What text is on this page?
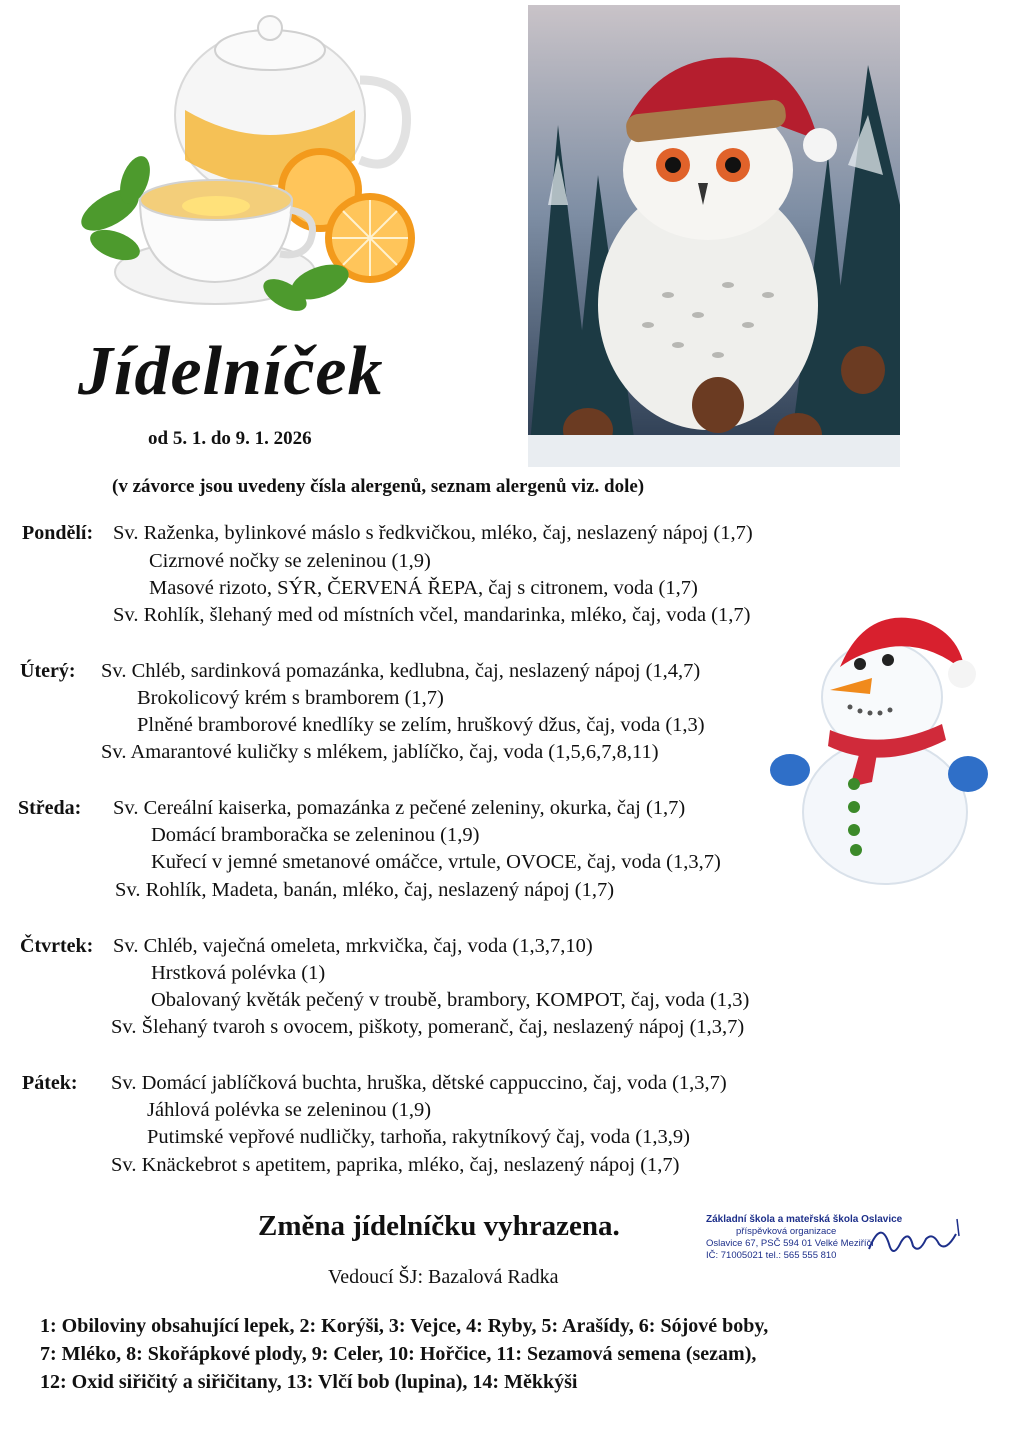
Jídelníček
od 5. 1. do 9. 1. 2026
(v závorce jsou uvedeny čísla alergenů, seznam alergenů viz. dole)
Pondělí: Sv. Raženka, bylinkové máslo s ředkvičkou, mléko, čaj, neslazený nápoj (1,7)
Cizrnové nočky se zeleninou (1,9)
Masové rizoto, SÝR, ČERVENÁ ŘEPA, čaj s citronem, voda (1,7)
Sv. Rohlík, šlehaný med od místních včel, mandarinka, mléko, čaj, voda (1,7)
Úterý: Sv. Chléb, sardinková pomazánka, kedlubna, čaj, neslazený nápoj (1,4,7)
Brokolicový krém s bramborem (1,7)
Plněné bramborové knedlíky se zelím, hruškový džus, čaj, voda (1,3)
Sv. Amarantové kuličky s mlékem, jablíčko, čaj, voda (1,5,6,7,8,11)
Středa: Sv. Cereální kaiserka, pomazánka z pečené zeleniny, okurka, čaj (1,7)
Domácí bramboračka se zeleninou (1,9)
Kuřecí v jemné smetanové omáčce, vrtule, OVOCE, čaj, voda (1,3,7)
Sv. Rohlík, Madeta, banán, mléko, čaj, neslazený nápoj (1,7)
Čtvrtek: Sv. Chléb, vaječná omeleta, mrkvička, čaj, voda (1,3,7,10)
Hrstková polévka (1)
Obalovaný květák pečený v troubě, brambory, KOMPOT, čaj, voda (1,3)
Sv. Šlehaný tvaroh s ovocem, piškoty, pomeranč, čaj, neslazený nápoj (1,3,7)
Pátek: Sv. Domácí jablíčková buchta, hruška, dětské cappuccino, čaj, voda (1,3,7)
Jáhlová polévka se zeleninou (1,9)
Putimské vepřové nudličky, tarhoňa, rakytníkový čaj, voda (1,3,9)
Sv. Knäckebrot s apetitem, paprika, mléko, čaj, neslazený nápoj (1,7)
Změna jídelníčku vyhrazena.	Základní škola a mateřská škola Oslavice
příspěvková organizace
Oslavice 67, PSČ 594 01 Velké Meziříčí
IČ: 71005021 tel.: 565 555 810
Vedoucí ŠJ: Bazalová Radka
1: Obiloviny obsahující lepek, 2: Korýši, 3: Vejce, 4: Ryby, 5: Arašídy, 6: Sójové boby,
7: Mléko, 8: Skořápkové plody, 9: Celer, 10: Hořčice, 11: Sezamová semena (sezam),
12: Oxid siřičitý a siřičitany, 13: Vlčí bob (lupina), 14: Měkkýši
